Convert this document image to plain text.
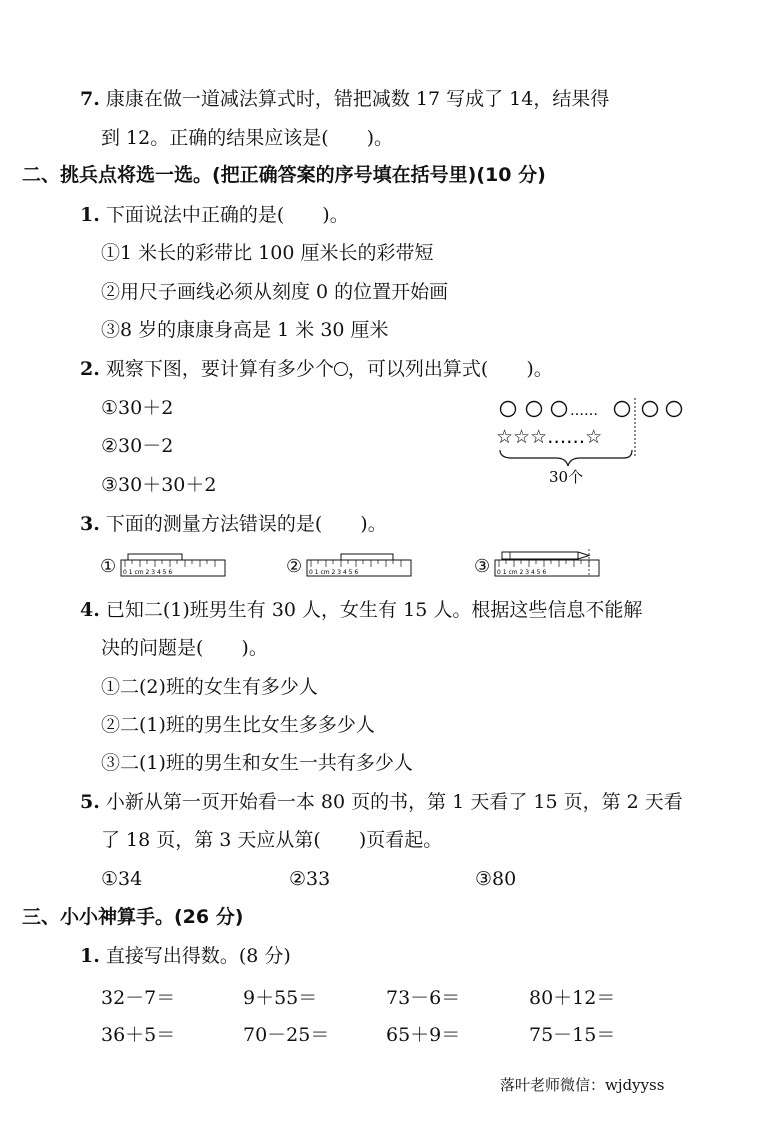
7. 康康在做一道减法算式时，错把减数 17 写成了 14，结果得
到 12。正确的结果应该是(　　)。
二、挑兵点将选一选。(把正确答案的序号填在括号里)(10 分)
1. 下面说法中正确的是(　　)。
①1 米长的彩带比 100 厘米长的彩带短
②用尺子画线必须从刻度 0 的位置开始画
③8 岁的康康身高是 1 米 30 厘米
2. 观察下图，要计算有多少个 ，可以列出算式(　　)。
①30＋2
②30－2
③30＋30＋2
……
☆☆☆……☆
30个
3. 下面的测量方法错误的是(　　)。
① 0 1 cm 2 3 4 5 6	② 0 1 cm 2 3 4 5 6	③ 0 1 cm 2 3 4 5 6
4. 已知二(1)班男生有 30 人，女生有 15 人。根据这些信息不能解
决的问题是(　　)。
①二(2)班的女生有多少人
②二(1)班的男生比女生多多少人
③二(1)班的男生和女生一共有多少人
5. 小新从第一页开始看一本 80 页的书，第 1 天看了 15 页，第 2 天看
了 18 页，第 3 天应从第(　　)页看起。
①34	②33	③80
三、小小神算手。(26 分)
1. 直接写出得数。(8 分)
32－7＝	9＋55＝	73－6＝	80＋12＝
36＋5＝	70－25＝	65＋9＝	75－15＝
落叶老师微信：wjdyyss
